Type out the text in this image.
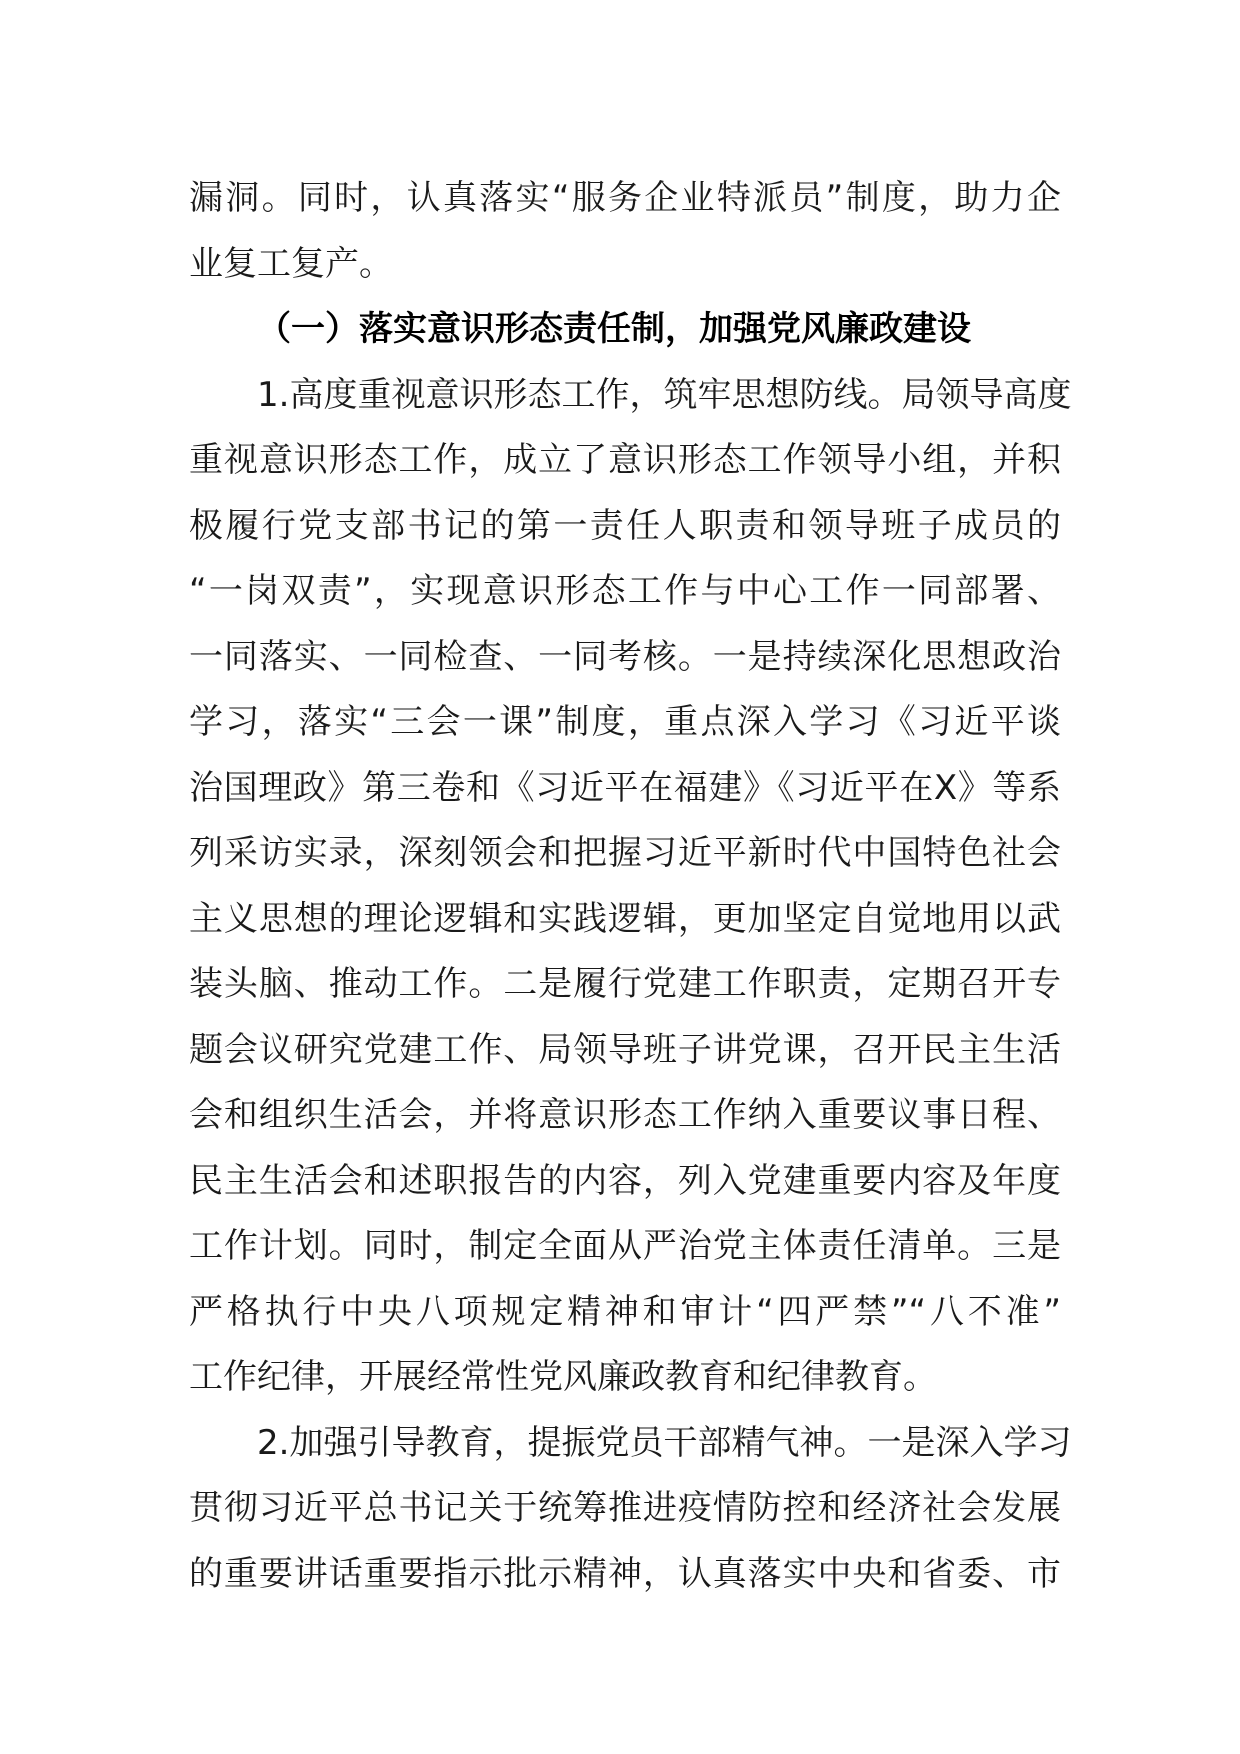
漏洞。同时，认真落实“服务企业特派员”制度，助力企
业复工复产。
（一）落实意识形态责任制，加强党风廉政建设
1.高度重视意识形态工作，筑牢思想防线。局领导高度
重视意识形态工作，成立了意识形态工作领导小组，并积
极履行党支部书记的第一责任人职责和领导班子成员的
“一岗双责”，实现意识形态工作与中心工作一同部署、
一同落实、一同检查、一同考核。一是持续深化思想政治
学习，落实“三会一课”制度，重点深入学习《习近平谈
治国理政》第三卷和《习近平在福建》《习近平在X》等系
列采访实录，深刻领会和把握习近平新时代中国特色社会
主义思想的理论逻辑和实践逻辑，更加坚定自觉地用以武
装头脑、推动工作。二是履行党建工作职责，定期召开专
题会议研究党建工作、局领导班子讲党课，召开民主生活
会和组织生活会，并将意识形态工作纳入重要议事日程、
民主生活会和述职报告的内容，列入党建重要内容及年度
工作计划。同时，制定全面从严治党主体责任清单。三是
严格执行中央八项规定精神和审计“四严禁”“八不准”
工作纪律，开展经常性党风廉政教育和纪律教育。
2.加强引导教育，提振党员干部精气神。一是深入学习
贯彻习近平总书记关于统筹推进疫情防控和经济社会发展
的重要讲话重要指示批示精神，认真落实中央和省委、市
